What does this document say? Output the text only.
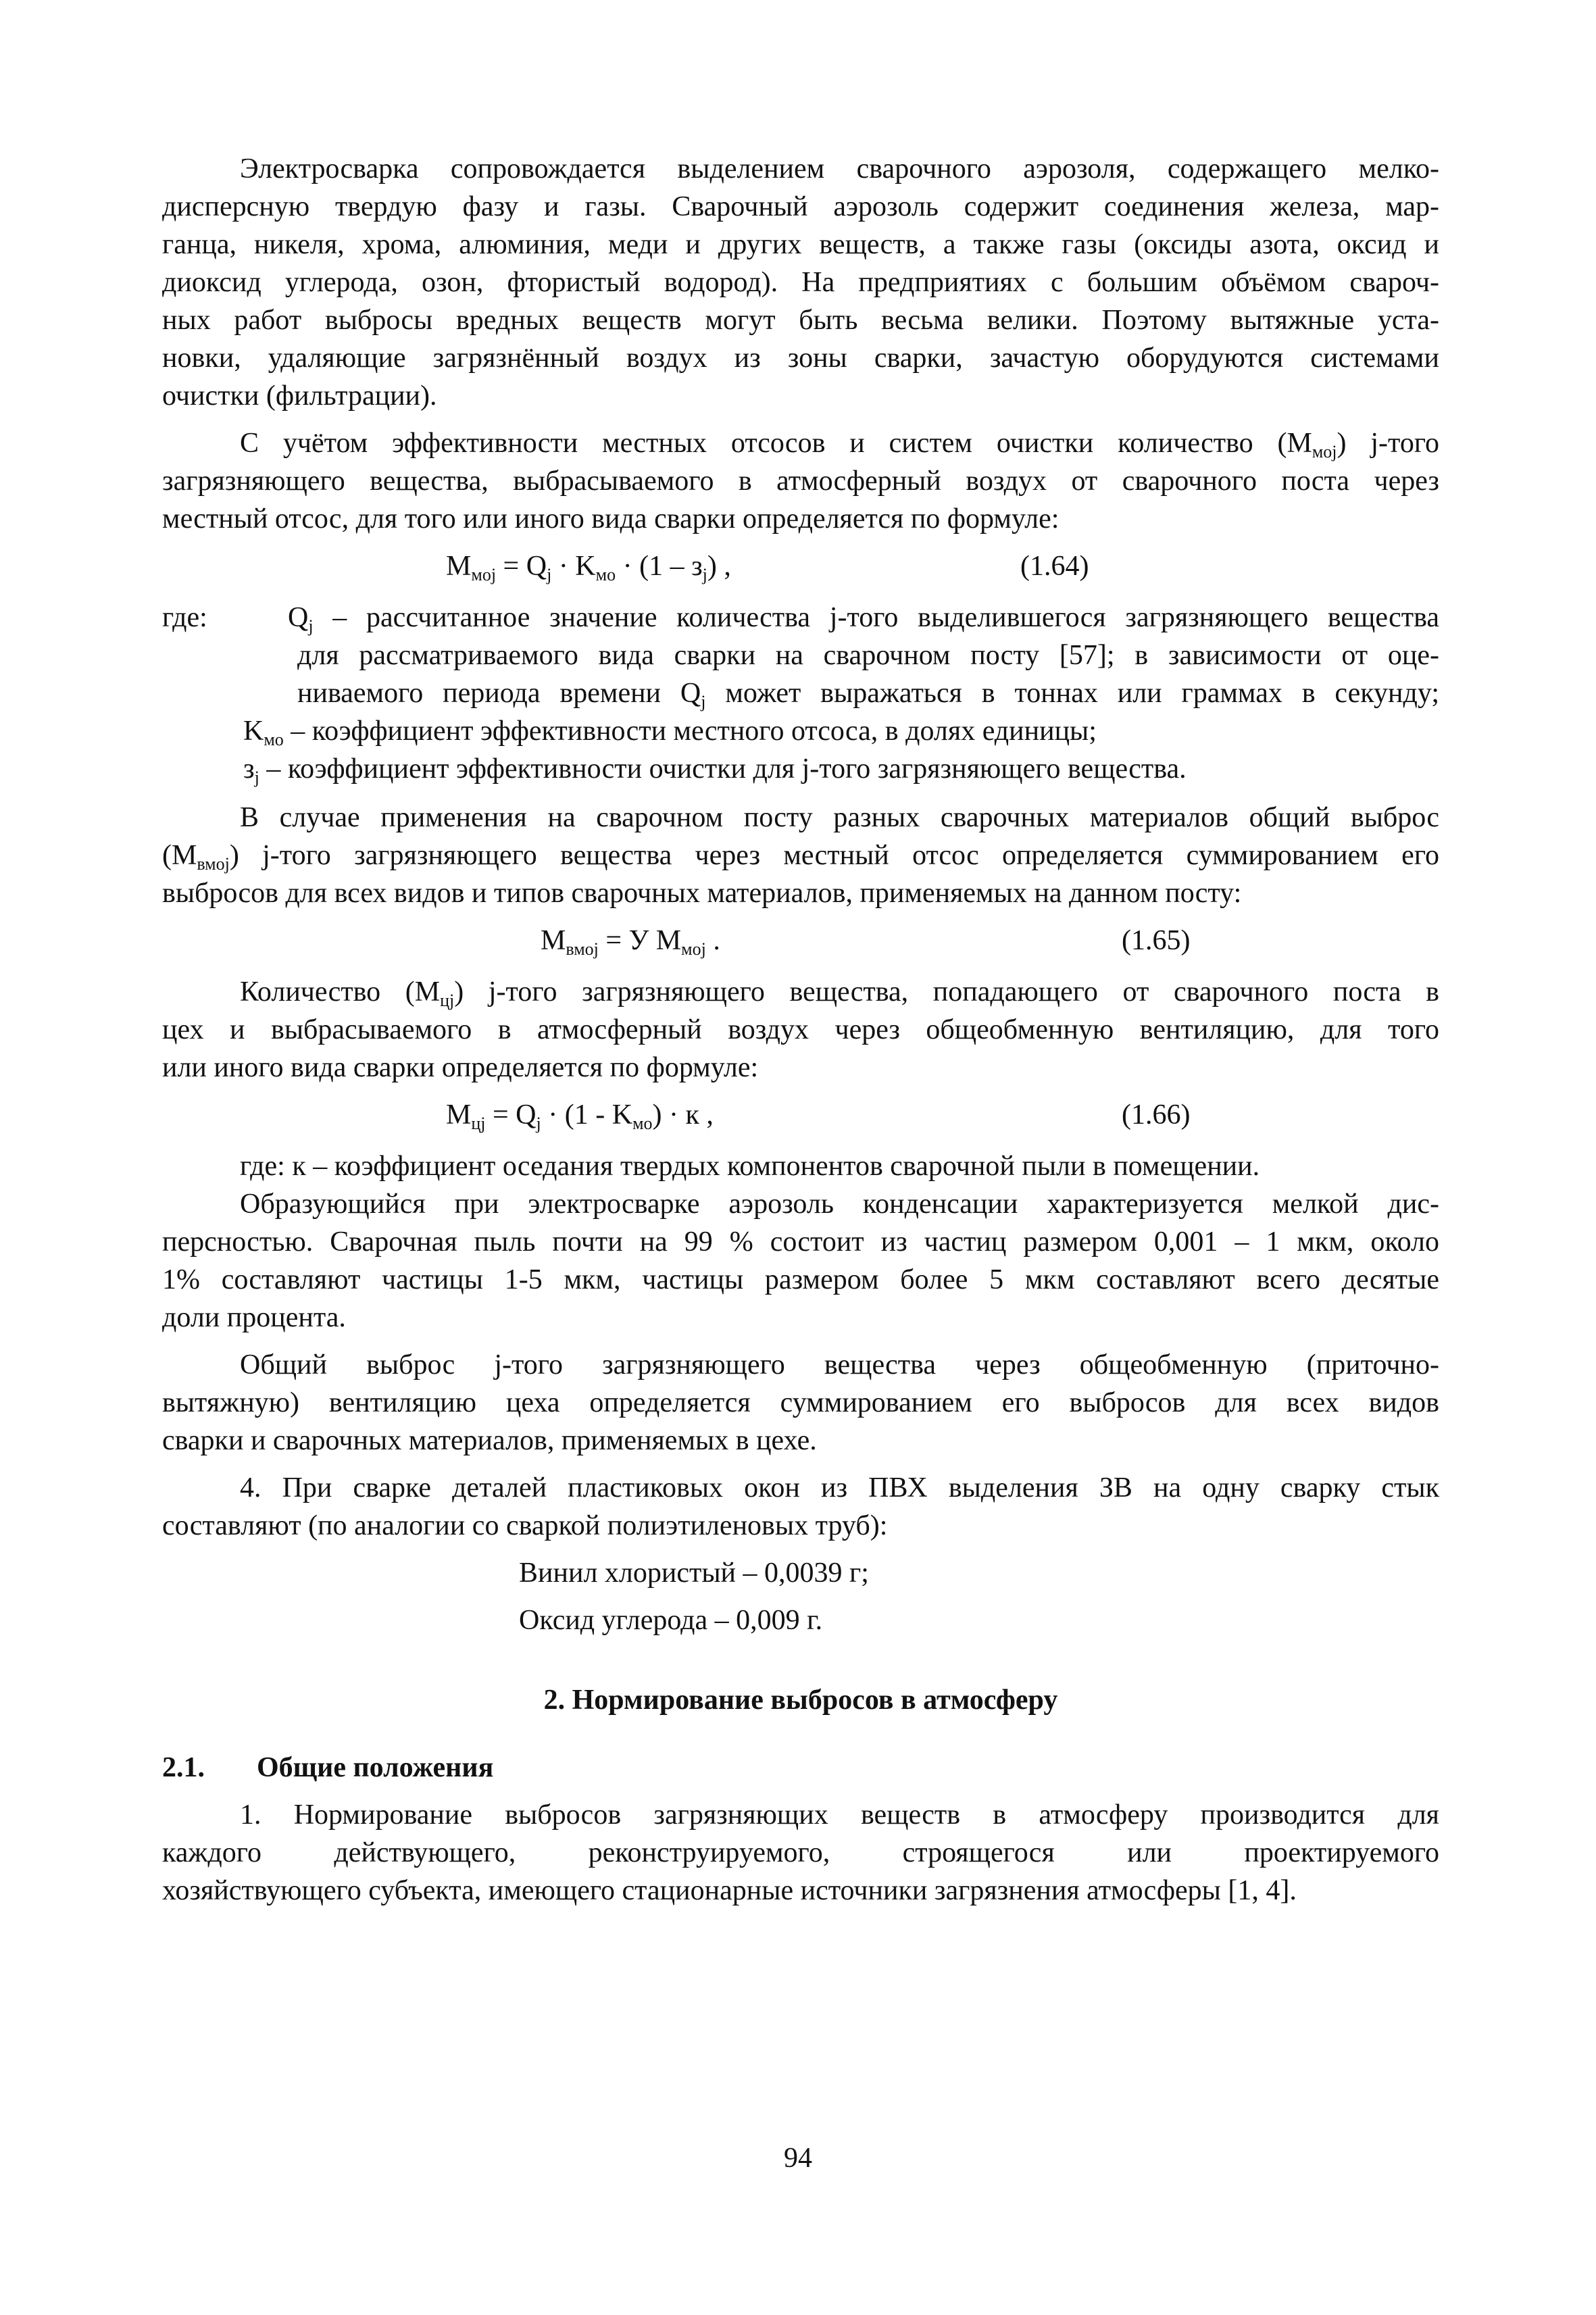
Электросварка сопровождается выделением сварочного аэрозоля, содержащего мелко-
дисперсную твердую фазу и газы. Сварочный аэрозоль содержит соединения железа, мар-
ганца, никеля, хрома, алюминия, меди и других веществ, а также газы (оксиды азота, оксид и
диоксид углерода, озон, фтористый водород). На предприятиях с большим объёмом свароч-
ных работ выбросы вредных веществ могут быть весьма велики. Поэтому вытяжные уста-
новки, удаляющие загрязнённый воздух из зоны сварки, зачастую оборудуются системами
очистки (фильтрации).
С учётом эффективности местных отсосов и систем очистки количество $(M_{моj})$ j-того
загрязняющего вещества, выбрасываемого в атмосферный воздух от сварочного поста через
местный отсос, для того или иного вида сварки определяется по формуле:
$M_{моj} = Q_j \cdot K_{мо} \cdot (1 - з_j)$ ,	(1.64)
где:	$Q_j$ – рассчитанное значение количества j-того выделившегося загрязняющего вещества
для рассматриваемого вида сварки на сварочном посту [57]; в зависимости от оце-
ниваемого периода времени $Q_j$ может выражаться в тоннах или граммах в секунду;
$K_{мо}$ – коэффициент эффективности местного отсоса, в долях единицы;
$з_j$ – коэффициент эффективности очистки для j-того загрязняющего вещества.
В случае применения на сварочном посту разных сварочных материалов общий выброс
$(M_{вмоj})$ j-того загрязняющего вещества через местный отсос определяется суммированием его
выбросов для всех видов и типов сварочных материалов, применяемых на данном посту:
$M_{вмоj} = У$ $M_{моj}$ .	(1.65)
Количество $(M_{цj})$ j-того загрязняющего вещества, попадающего от сварочного поста в
цех и выбрасываемого в атмосферный воздух через общеобменную вентиляцию, для того
или иного вида сварки определяется по формуле:
$M_{цj} = Q_j \cdot (1 - K_{мо}) \cdot к$ ,	(1.66)
где: к – коэффициент оседания твердых компонентов сварочной пыли в помещении.
Образующийся при электросварке аэрозоль конденсации характеризуется мелкой дис-
персностью. Сварочная пыль почти на 99 % состоит из частиц размером 0,001 – 1 мкм, около
1% составляют частицы 1-5 мкм, частицы размером более 5 мкм составляют всего десятые
доли процента.
Общий выброс j-того загрязняющего вещества через общеобменную (приточно-
вытяжную) вентиляцию цеха определяется суммированием его выбросов для всех видов
сварки и сварочных материалов, применяемых в цехе.
4. При сварке деталей пластиковых окон из ПВХ выделения ЗВ на одну сварку стык
составляют (по аналогии со сваркой полиэтиленовых труб):
Винил хлористый – 0,0039 г;
Оксид углерода – 0,009 г.
2. Нормирование выбросов в атмосферу
2.1. Общие положения
1. Нормирование выбросов загрязняющих веществ в атмосферу производится для
каждого действующего, реконструируемого, строящегося или проектируемого
хозяйствующего субъекта, имеющего стационарные источники загрязнения атмосферы [1, 4].
94
